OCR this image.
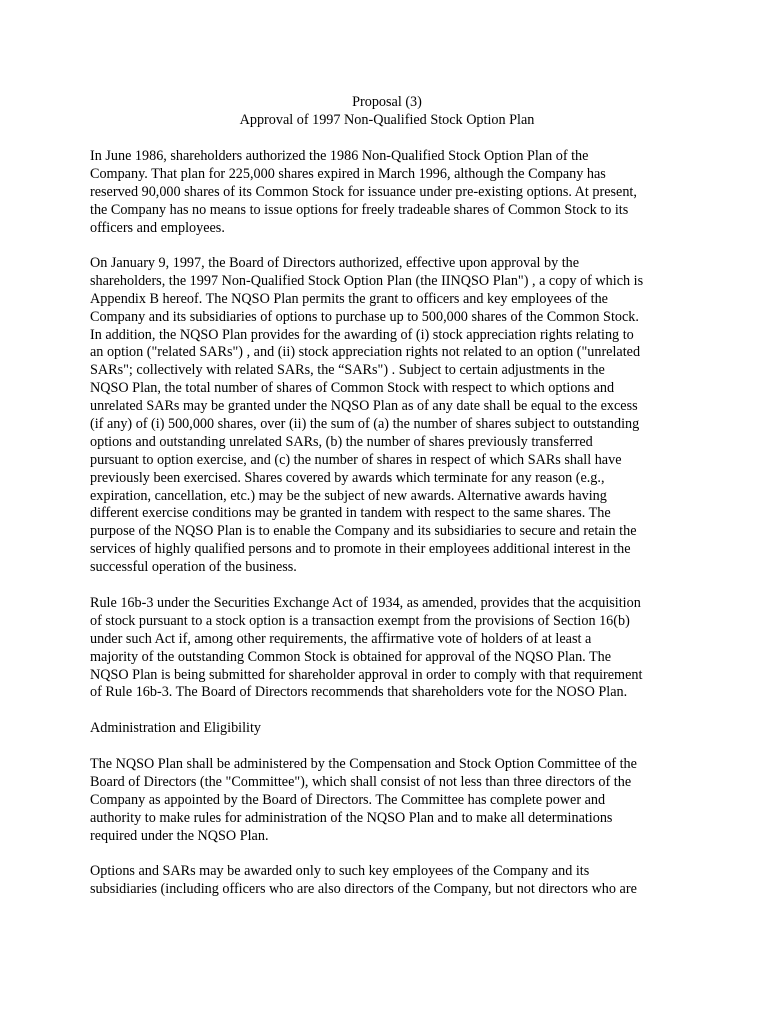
Proposal (3)
Approval of 1997 Non-Qualified Stock Option Plan
In June 1986, shareholders authorized the 1986 Non-Qualified Stock Option Plan of the
Company. That plan for 225,000 shares expired in March 1996, although the Company has
reserved 90,000 shares of its Common Stock for issuance under pre-existing options. At present,
the Company has no means to issue options for freely tradeable shares of Common Stock to its
officers and employees.
On January 9, 1997, the Board of Directors authorized, effective upon approval by the
shareholders, the 1997 Non-Qualified Stock Option Plan (the IINQSO Plan") , a copy of which is
Appendix B hereof. The NQSO Plan permits the grant to officers and key employees of the
Company and its subsidiaries of options to purchase up to 500,000 shares of the Common Stock.
In addition, the NQSO Plan provides for the awarding of (i) stock appreciation rights relating to
an option ("related SARs") , and (ii) stock appreciation rights not related to an option ("unrelated
SARs"; collectively with related SARs, the “SARs") . Subject to certain adjustments in the
NQSO Plan, the total number of shares of Common Stock with respect to which options and
unrelated SARs may be granted under the NQSO Plan as of any date shall be equal to the excess
(if any) of (i) 500,000 shares, over (ii) the sum of (a) the number of shares subject to outstanding
options and outstanding unrelated SARs, (b) the number of shares previously transferred
pursuant to option exercise, and (c) the number of shares in respect of which SARs shall have
previously been exercised. Shares covered by awards which terminate for any reason (e.g.,
expiration, cancellation, etc.) may be the subject of new awards. Alternative awards having
different exercise conditions may be granted in tandem with respect to the same shares. The
purpose of the NQSO Plan is to enable the Company and its subsidiaries to secure and retain the
services of highly qualified persons and to promote in their employees additional interest in the
successful operation of the business.
Rule 16b-3 under the Securities Exchange Act of 1934, as amended, provides that the acquisition
of stock pursuant to a stock option is a transaction exempt from the provisions of Section 16(b)
under such Act if, among other requirements, the affirmative vote of holders of at least a
majority of the outstanding Common Stock is obtained for approval of the NQSO Plan. The
NQSO Plan is being submitted for shareholder approval in order to comply with that requirement
of Rule 16b-3. The Board of Directors recommends that shareholders vote for the NOSO Plan.
Administration and Eligibility
The NQSO Plan shall be administered by the Compensation and Stock Option Committee of the
Board of Directors (the "Committee"), which shall consist of not less than three directors of the
Company as appointed by the Board of Directors. The Committee has complete power and
authority to make rules for administration of the NQSO Plan and to make all determinations
required under the NQSO Plan.
Options and SARs may be awarded only to such key employees of the Company and its
subsidiaries (including officers who are also directors of the Company, but not directors who are
